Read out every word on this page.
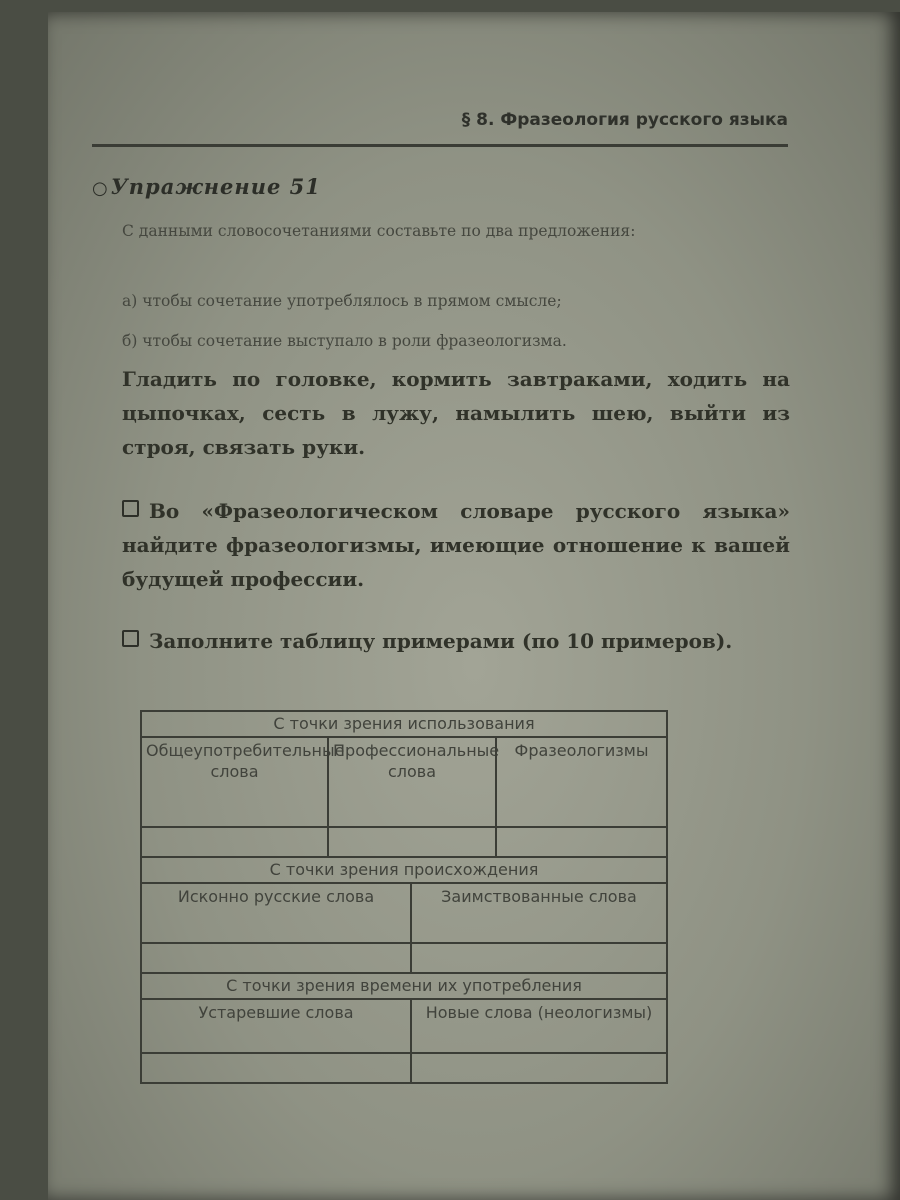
§ 8. Фразеология русского языка
○Упражнение 51
С данными словосочетаниями составьте по два предложения:
а) чтобы сочетание употреблялось в прямом смысле;
б) чтобы сочетание выступало в роли фразеологизма.
Гладить по головке, кормить завтраками, ходить на цыпочках, сесть в лужу, намылить шею, выйти из строя, связать руки.
Во «Фразеологическом словаре русского языка» найдите фразеологизмы, имеющие отношение к вашей будущей профессии.
Заполните таблицу примерами (по 10 примеров).
С точки зрения использования
Общеупотребительные слова
Профессиональные слова
Фразеологизмы
С точки зрения происхождения
Исконно русские слова	Заимствованные слова
С точки зрения времени их употребления
Устаревшие слова	Новые слова (неологизмы)
